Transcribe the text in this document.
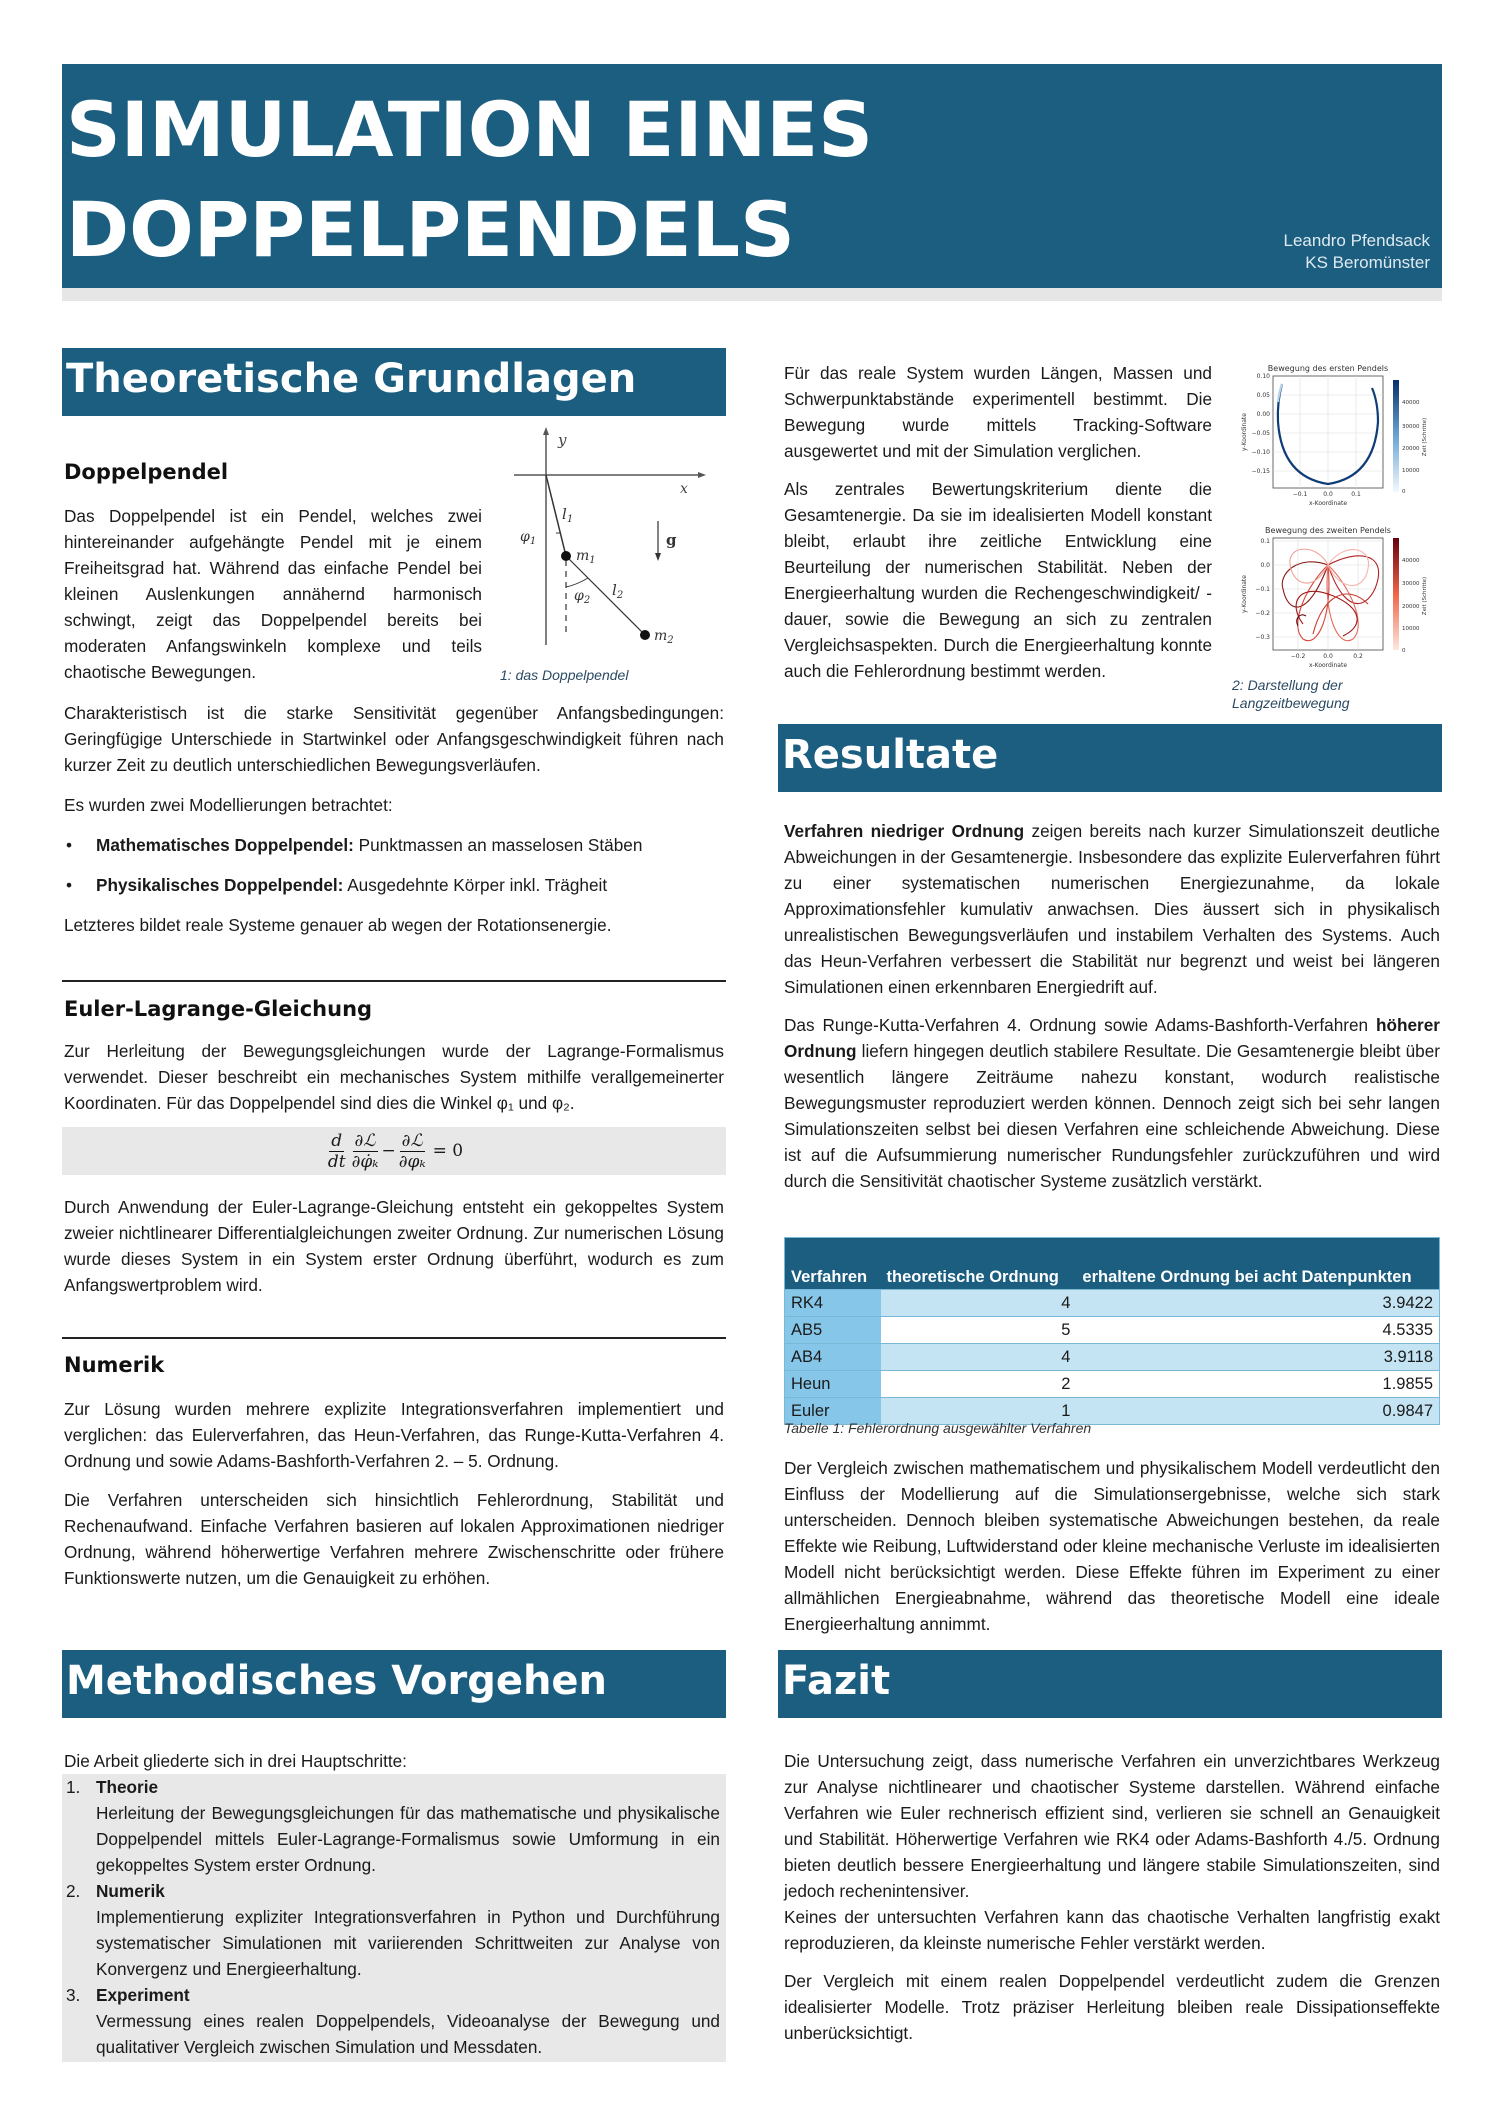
SIMULATION EINES
DOPPELPENDELS	Leandro Pfendsack
KS Beromünster
Theoretische Grundlagen
Doppelpendel
Das Doppelpendel ist ein Pendel, welches zwei hintereinander aufgehängte Pendel mit je einem Freiheitsgrad hat. Während das einfache Pendel bei kleinen Auslenkungen annähernd harmonisch schwingt, zeigt das Doppelpendel bereits bei moderaten Anfangswinkeln komplexe und teils chaotische Bewegungen.
y
x
$l_1$
$\varphi_1$
$m_1$
g
$\varphi_2$
$l_2$
$m_2$
1: das Doppelpendel
Charakteristisch ist die starke Sensitivität gegenüber Anfangsbedingungen: Geringfügige Unterschiede in Startwinkel oder Anfangsgeschwindigkeit führen nach kurzer Zeit zu deutlich unterschiedlichen Bewegungsverläufen.
Es wurden zwei Modellierungen betrachtet:
• Mathematisches Doppelpendel: Punktmassen an masselosen Stäben
• Physikalisches Doppelpendel: Ausgedehnte Körper inkl. Trägheit
Letzteres bildet reale Systeme genauer ab wegen der Rotationsenergie.
Euler-Lagrange-Gleichung
Zur Herleitung der Bewegungsgleichungen wurde der Lagrange-Formalismus verwendet. Dieser beschreibt ein mechanisches System mithilfe verallgemeinerter Koordinaten. Für das Doppelpendel sind dies die Winkel φ₁ und φ₂.
$\frac{d}{dt} \frac{\text{∂ℒ}}{\text{∂φ̇ₖ}} - \frac{\text{∂ℒ}}{\text{∂φₖ}} = 0$
Durch Anwendung der Euler-Lagrange-Gleichung entsteht ein gekoppeltes System zweier nichtlinearer Differentialgleichungen zweiter Ordnung. Zur numerischen Lösung wurde dieses System in ein System erster Ordnung überführt, wodurch es zum Anfangswertproblem wird.
Numerik
Zur Lösung wurden mehrere explizite Integrationsverfahren implementiert und verglichen: das Eulerverfahren, das Heun-Verfahren, das Runge-Kutta-Verfahren 4. Ordnung und sowie Adams-Bashforth-Verfahren 2. – 5. Ordnung.
Die Verfahren unterscheiden sich hinsichtlich Fehlerordnung, Stabilität und Rechenaufwand. Einfache Verfahren basieren auf lokalen Approximationen niedriger Ordnung, während höherwertige Verfahren mehrere Zwischenschritte oder frühere Funktionswerte nutzen, um die Genauigkeit zu erhöhen.
Methodisches Vorgehen
Die Arbeit gliederte sich in drei Hauptschritte:
1. Theorie
Herleitung der Bewegungsgleichungen für das mathematische und physikalische Doppelpendel mittels Euler-Lagrange-Formalismus sowie Umformung in ein gekoppeltes System erster Ordnung.
2. Numerik
Implementierung expliziter Integrationsverfahren in Python und Durchführung systematischer Simulationen mit variierenden Schrittweiten zur Analyse von Konvergenz und Energieerhaltung.
3. Experiment
Vermessung eines realen Doppelpendels, Videoanalyse der Bewegung und qualitativer Vergleich zwischen Simulation und Messdaten.
Für das reale System wurden Längen, Massen und Schwerpunktabstände experimentell bestimmt. Die Bewegung wurde mittels Tracking-Software ausgewertet und mit der Simulation verglichen.
Als zentrales Bewertungskriterium diente die Gesamtenergie. Da sie im idealisierten Modell konstant bleibt, erlaubt ihre zeitliche Entwicklung eine Beurteilung der numerischen Stabilität. Neben der Energieerhaltung wurden die Rechengeschwindigkeit/ -dauer, sowie die Bewegung an sich zu zentralen Vergleichsaspekten. Durch die Energieerhaltung konnte auch die Fehlerordnung bestimmt werden.
Bewegung des ersten Pendels
0.10
0.05
0.00
−0.05
−0.10
−0.15
−0.1	0.0	0.1
x-Koordinate
y-Koordinate
40000
30000
20000
10000
0
Zeit (Schritte)
Bewegung des zweiten Pendels
0.1
0.0
−0.1
−0.2
−0.3
−0.2	0.0	0.2
x-Koordinate
y-Koordinate
40000
30000
20000
10000
0
Zeit (Schritte)
2: Darstellung der Langzeitbewegung
Resultate
Verfahren niedriger Ordnung zeigen bereits nach kurzer Simulationszeit deutliche Abweichungen in der Gesamtenergie. Insbesondere das explizite Eulerverfahren führt zu einer systematischen numerischen Energiezunahme, da lokale Approximationsfehler kumulativ anwachsen. Dies äussert sich in physikalisch unrealistischen Bewegungsverläufen und instabilem Verhalten des Systems. Auch das Heun-Verfahren verbessert die Stabilität nur begrenzt und weist bei längeren Simulationen einen erkennbaren Energiedrift auf.
Das Runge-Kutta-Verfahren 4. Ordnung sowie Adams-Bashforth-Verfahren höherer Ordnung liefern hingegen deutlich stabilere Resultate. Die Gesamtenergie bleibt über wesentlich längere Zeiträume nahezu konstant, wodurch realistische Bewegungsmuster reproduziert werden können. Dennoch zeigt sich bei sehr langen Simulationszeiten selbst bei diesen Verfahren eine schleichende Abweichung. Diese ist auf die Aufsummierung numerischer Rundungsfehler zurückzuführen und wird durch die Sensitivität chaotischer Systeme zusätzlich verstärkt.
Verfahren	theoretische Ordnung	erhaltene Ordnung bei acht Datenpunkten
RK4	4	3.9422
AB5	5	4.5335
AB4	4	3.9118
Heun	2	1.9855
Euler	1	0.9847
Tabelle 1: Fehlerordnung ausgewählter Verfahren
Der Vergleich zwischen mathematischem und physikalischem Modell verdeutlicht den Einfluss der Modellierung auf die Simulationsergebnisse, welche sich stark unterscheiden. Dennoch bleiben systematische Abweichungen bestehen, da reale Effekte wie Reibung, Luftwiderstand oder kleine mechanische Verluste im idealisierten Modell nicht berücksichtigt werden. Diese Effekte führen im Experiment zu einer allmählichen Energieabnahme, während das theoretische Modell eine ideale Energieerhaltung annimmt.
Fazit
Die Untersuchung zeigt, dass numerische Verfahren ein unverzichtbares Werkzeug zur Analyse nichtlinearer und chaotischer Systeme darstellen. Während einfache Verfahren wie Euler rechnerisch effizient sind, verlieren sie schnell an Genauigkeit und Stabilität. Höherwertige Verfahren wie RK4 oder Adams-Bashforth 4./5. Ordnung bieten deutlich bessere Energieerhaltung und längere stabile Simulationszeiten, sind jedoch rechenintensiver.
Keines der untersuchten Verfahren kann das chaotische Verhalten langfristig exakt reproduzieren, da kleinste numerische Fehler verstärkt werden.
Der Vergleich mit einem realen Doppelpendel verdeutlicht zudem die Grenzen idealisierter Modelle. Trotz präziser Herleitung bleiben reale Dissipationseffekte unberücksichtigt.
